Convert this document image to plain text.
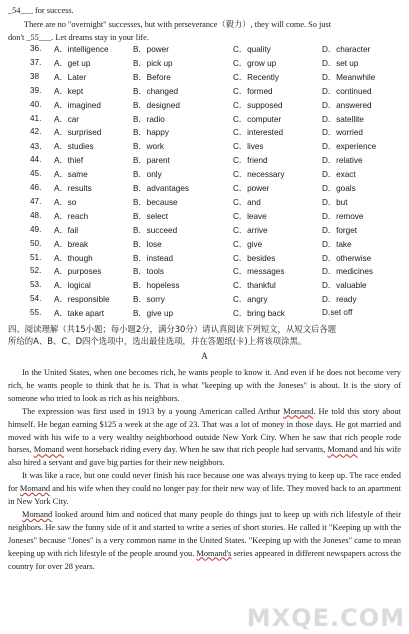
_54___ for success.
There are no "overnight" successes, but with perseverance（毅力）, they will come. So just
don't _55___. Let dreams stay in your life.
36. A．intelligence	B．power	C．quality	D．character
37. A．get up	B．pick up	C．grow up	D．set up
38 A．Later	B．Before	C．Recently	D．Meanwhile
39. A．kept	B．changed	C．formed	D．continued
40. A．imagined	B．designed	C．supposed	D．answered
41. A．car	B．radio	C．computer	D．satellite
42. A．surprised	B．happy	C．interested	D．worried
43． A．studies	B．work	C．lives	D．experience
44. A．thief	B．parent	C．friend	D．relative
45. A．same	B．only	C．necessary	D．exact
46. A．results	B．advantages	C．power	D．goals
47. A．so	B．because	C．and	D．but
48. A．reach	B．select	C．leave	D．remove
49. A．fail	B．succeed	C．arrive	D．forget
50. A．break	B．lose	C．give	D．take
51. A．though	B．instead	C．besides	D．otherwise
52. A．purposes	B．tools	C．messages	D．medicines
53. A．logical	B．hopeless	C．thankful	D．valuable
54. A．responsible	B．sorry	C．angry	D．ready
55. A．take apart	B．give up	C．bring back	D.set off
四、阅读理解（共15小题；每小题2分，满分30分）请认真阅读下列短文，从短文后各题
所给的A、B、C、D四个选项中，选出最佳选项，并在答题纸(卡)上将该项涂黑。
A

In the United States, when one becomes rich, he wants people to know it. And even if he does not become very rich, he wants people to think that he is. That is what "keeping up with the Joneses" is about. It is the story of someone who tried to look as rich as his neighbors.

The expression was first used in 1913 by a young American called Arthur Momand. He told this story about himself. He began earning $125 a week at the age of 23. That was a lot of money in those days. He got married and moved with his wife to a very wealthy neighborhood outside New York City. When he saw that rich people rode horses, Momand went horseback riding every day. When he saw that rich people had servants, Momand and his wife also hired a servant and gave big parties for their new neighbors.

It was like a race, but one could never finish his race because one was always trying to keep up. The race ended for Momand and his wife when they could no longer pay for their new way of life. They moved back to an apartment in New York City.

Momand looked around him and noticed that many people do things just to keep up with rich lifestyle of their neighbors. He saw the funny side of it and started to write a series of short stories. He called it "Keeping up with the Joneses" because "Jones" is a very common name in the United States. "Keeping up with the Joneses" came to mean keeping up with rich lifestyle of the people around you. Momand's series appeared in different newspapers across the country for over 28 years.

MXQE.COM
